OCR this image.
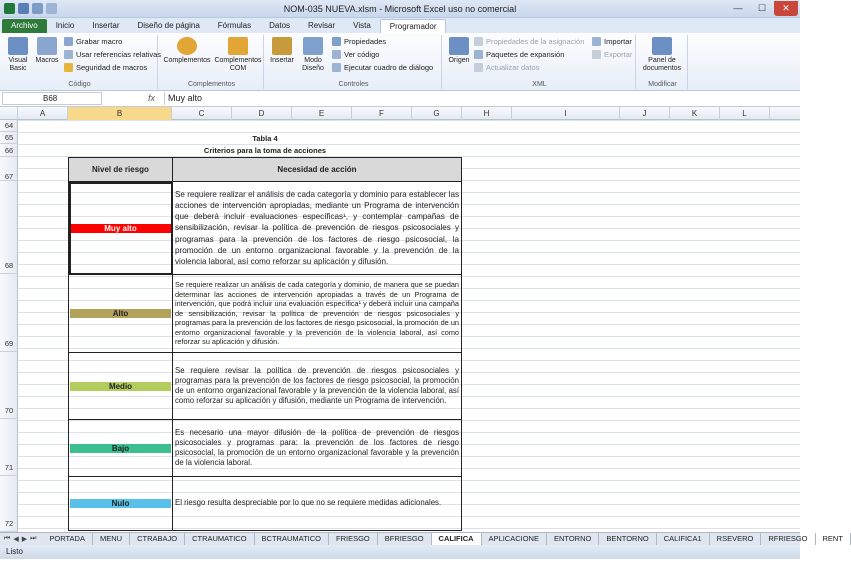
NOM-035 NUEVA.xlsm - Microsoft Excel uso no comercial	—	☐	✕
Archivo	Inicio	Insertar	Diseño de página	Fórmulas	Datos	Revisar	Vista	Programador
Visual Basic
Macros
Grabar macro
Usar referencias relativas
Seguridad de macros
Código
Complementos Complementos COM
Complementos
Insertar	Modo Diseño
Propiedades
Ver código
Ejecutar cuadro de diálogo
Controles
Origen
Propiedades de la asignación
Paquetes de expansión
Actualizar datos
Importar
Exportar
XML
Panel de documentos
Modificar
B68	fx	Muy alto
A	B	C	D	E	F	G	H	I	J	K	L
64
65
66
67
68
69
70
71
72
Tabla 4
Criterios para la toma de acciones
Nivel de riesgo	Necesidad de acción

Muy alto	Se requiere realizar el análisis de cada categoría y dominio para establecer las acciones de intervención apropiadas, mediante un Programa de intervención que deberá incluir evaluaciones específicas¹, y contemplar campañas de sensibilización, revisar la política de prevención de riesgos psicosociales y programas para la prevención de los factores de riesgo psicosocial, la promoción de un entorno organizacional favorable y la prevención de la violencia laboral, así como reforzar su aplicación y difusión.

Alto	Se requiere realizar un análisis de cada categoría y dominio, de manera que se puedan determinar las acciones de intervención apropiadas a través de un Programa de intervención, que podrá incluir una evaluación específica¹ y deberá incluir una campaña de sensibilización, revisar la política de prevención de riesgos psicosociales y programas para la prevención de los factores de riesgo psicosocial, la promoción de un entorno organizacional favorable y la prevención de la violencia laboral, así como reforzar su aplicación y difusión.

Medio	Se requiere revisar la política de prevención de riesgos psicosociales y programas para la prevención de los factores de riesgo psicosocial, la promoción de un entorno organizacional favorable y la prevención de la violencia laboral, así como reforzar su aplicación y difusión, mediante un Programa de intervención.

Bajo	Es necesario una mayor difusión de la política de prevención de riesgos psicosociales y programas para: la prevención de los factores de riesgo psicosocial, la promoción de un entorno organizacional favorable y la prevención de la violencia laboral.

Nulo	El riesgo resulta despreciable por lo que no se requiere medidas adicionales.
⏮ ◀ ▶ ⏭	PORTADA	MENU	CTRABAJO	CTRAUMATICO	BCTRAUMATICO	FRIESGO	BFRIESGO	CALIFICA	APLICACIONE	ENTORNO	BENTORNO	CALIFICA1	RSEVERO	RFRIESGO	RENT
Listo
